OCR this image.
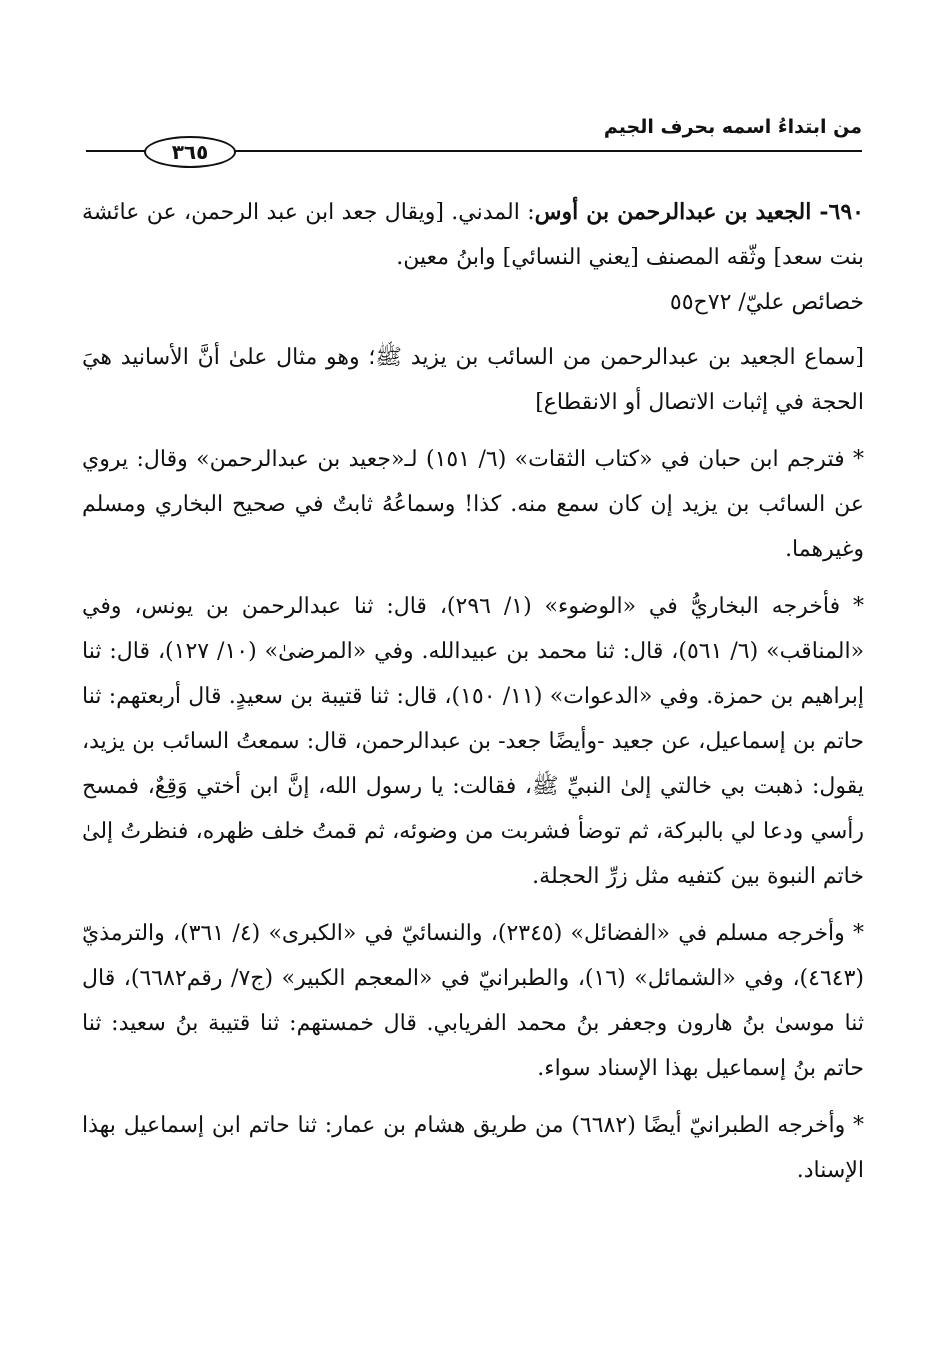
من ابتداءُ اسمه بحرف الجيم
٣٦٥

٦٩٠- الجعيد بن عبدالرحمن بن أوس: المدني. [ويقال جعد ابن عبد الرحمن، عن عائشة بنت سعد] وثّقه المصنف [يعني النسائي] وابنُ معين.

خصائص عليّ/ ٧٢ح٥٥

[سماع الجعيد بن عبدالرحمن من السائب بن يزيد ﷺ؛ وهو مثال علىٰ أنَّ الأسانيد هيَ الحجة في إثبات الاتصال أو الانقطاع]

* فترجم ابن حبان في «كتاب الثقات» (٦/ ١٥١) لـ«جعيد بن عبدالرحمن» وقال: يروي عن السائب بن يزيد إن كان سمع منه. كذا! وسماعُهُ ثابتٌ في صحيح البخاري ومسلم وغيرهما.

* فأخرجه البخاريُّ في «الوضوء» (١/ ٢٩٦)، قال: ثنا عبدالرحمن بن يونس، وفي «المناقب» (٦/ ٥٦١)، قال: ثنا محمد بن عبيدالله. وفي «المرضىٰ» (١٠/ ١٢٧)، قال: ثنا إبراهيم بن حمزة. وفي «الدعوات» (١١/ ١٥٠)، قال: ثنا قتيبة بن سعيدٍ. قال أربعتهم: ثنا حاتم بن إسماعيل، عن جعيد -وأيضًا جعد- بن عبدالرحمن، قال: سمعتُ السائب بن يزيد، يقول: ذهبت بي خالتي إلىٰ النبيِّ ﷺ، فقالت: يا رسول الله، إنَّ ابن أختي وَقِعٌ، فمسح رأسي ودعا لي بالبركة، ثم توضأ فشربت من وضوئه، ثم قمتُ خلف ظهره، فنظرتُ إلىٰ خاتم النبوة بين كتفيه مثل زرِّ الحجلة.

* وأخرجه مسلم في «الفضائل» (٢٣٤٥)، والنسائيّ في «الكبرى» (٤/ ٣٦١)، والترمذيّ (٤٦٤٣)، وفي «الشمائل» (١٦)، والطبرانيّ في «المعجم الكبير» (ج٧/ رقم٦٦٨٢)، قال ثنا موسىٰ بنُ هارون وجعفر بنُ محمد الفريابي. قال خمستهم: ثنا قتيبة بنُ سعيد: ثنا حاتم بنُ إسماعيل بهذا الإسناد سواء.

* وأخرجه الطبرانيّ أيضًا (٦٦٨٢) من طريق هشام بن عمار: ثنا حاتم ابن إسماعيل بهذا الإسناد.
